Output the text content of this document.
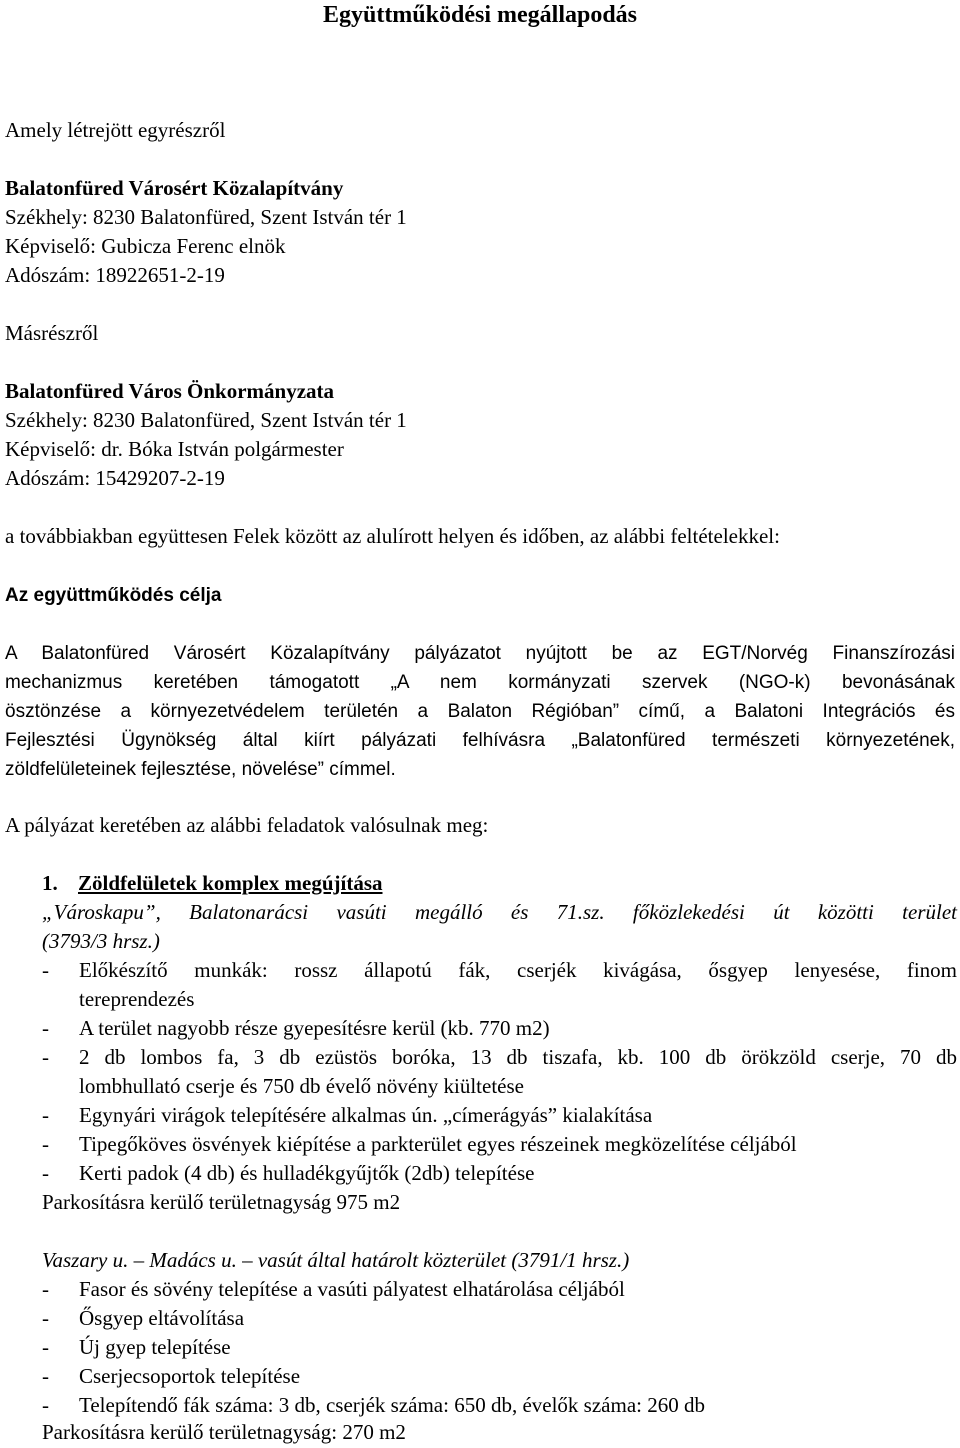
Együttműködési megállapodás
Amely létrejött egyrészről
Balatonfüred Városért Közalapítvány
Székhely: 8230 Balatonfüred, Szent István tér 1
Képviselő: Gubicza Ferenc elnök
Adószám: 18922651-2-19
Másrészről
Balatonfüred Város Önkormányzata
Székhely: 8230 Balatonfüred, Szent István tér 1
Képviselő: dr. Bóka István polgármester
Adószám: 15429207-2-19
a továbbiakban együttesen Felek között az alulírott helyen és időben, az alábbi feltételekkel:
Az együttműködés célja
A Balatonfüred Városért Közalapítvány pályázatot nyújtott be az EGT/Norvég Finanszírozási
mechanizmus keretében támogatott „A nem kormányzati szervek (NGO-k) bevonásának
ösztönzése a környezetvédelem területén a Balaton Régióban” című, a Balatoni Integrációs és
Fejlesztési Ügynökség által kiírt pályázati felhívásra „Balatonfüred természeti környezetének,
zöldfelületeinek fejlesztése, növelése” címmel.
A pályázat keretében az alábbi feladatok valósulnak meg:
1. Zöldfelületek komplex megújítása
„Városkapu”, Balatonarácsi vasúti megálló és 71.sz. főközlekedési út közötti terület
(3793/3 hrsz.)
- Előkészítő munkák: rossz állapotú fák, cserjék kivágása, ősgyep lenyesése, finom
tereprendezés
- A terület nagyobb része gyepesítésre kerül (kb. 770 m2)
- 2 db lombos fa, 3 db ezüstös boróka, 13 db tiszafa, kb. 100 db örökzöld cserje, 70 db
lombhullató cserje és 750 db évelő növény kiültetése
- Egynyári virágok telepítésére alkalmas ún. „címerágyás” kialakítása
- Tipegőköves ösvények kiépítése a parkterület egyes részeinek megközelítése céljából
- Kerti padok (4 db) és hulladékgyűjtők (2db) telepítése
Parkosításra kerülő területnagyság 975 m2
Vaszary u. – Madács u. – vasút által határolt közterület (3791/1 hrsz.)
- Fasor és sövény telepítése a vasúti pályatest elhatárolása céljából
- Ősgyep eltávolítása
- Új gyep telepítése
- Cserjecsoportok telepítése
- Telepítendő fák száma: 3 db, cserjék száma: 650 db, évelők száma: 260 db
Parkosításra kerülő területnagyság: 270 m2
